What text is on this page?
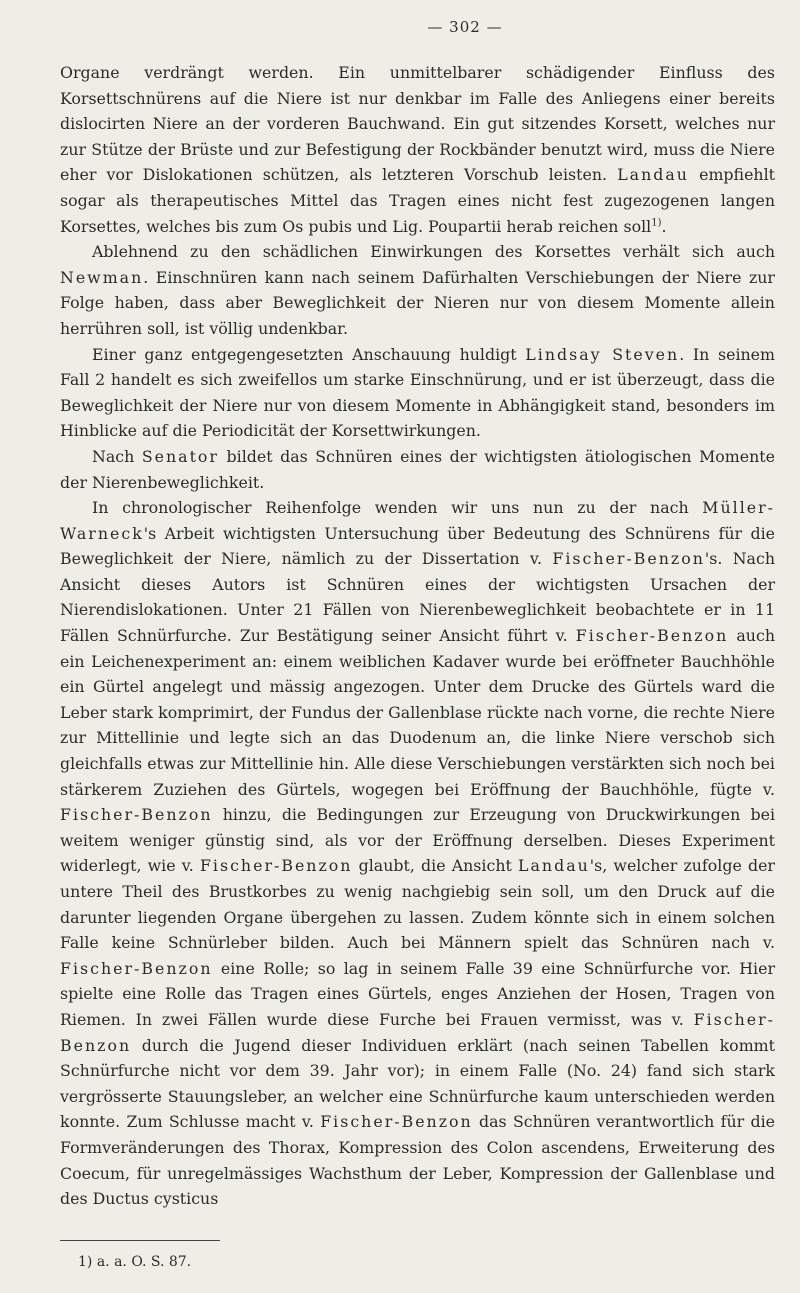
— 302 —

Organe verdrängt werden. Ein unmittelbarer schädigender Einfluss des Korsettschnürens auf die Niere ist nur denkbar im Falle des Anliegens einer bereits dislocirten Niere an der vorderen Bauchwand. Ein gut sitzendes Korsett, welches nur zur Stütze der Brüste und zur Befestigung der Rockbänder benutzt wird, muss die Niere eher vor Dislokationen schützen, als letzteren Vorschub leisten. Landau empfiehlt sogar als therapeutisches Mittel das Tragen eines nicht fest zugezogenen langen Korsettes, welches bis zum Os pubis und Lig. Poupartii herab reichen soll$^{1)}$.

Ablehnend zu den schädlichen Einwirkungen des Korsettes verhält sich auch Newman. Einschnüren kann nach seinem Dafürhalten Verschiebungen der Niere zur Folge haben, dass aber Beweglichkeit der Nieren nur von diesem Momente allein herrühren soll, ist völlig undenkbar.

Einer ganz entgegengesetzten Anschauung huldigt Lindsay Steven. In seinem Fall 2 handelt es sich zweifellos um starke Einschnürung, und er ist überzeugt, dass die Beweglichkeit der Niere nur von diesem Momente in Abhängigkeit stand, besonders im Hinblicke auf die Periodicität der Korsettwirkungen.

Nach Senator bildet das Schnüren eines der wichtigsten ätiologischen Momente der Nierenbeweglichkeit.

In chronologischer Reihenfolge wenden wir uns nun zu der nach Müller-Warneck's Arbeit wichtigsten Untersuchung über Bedeutung des Schnürens für die Beweglichkeit der Niere, nämlich zu der Dissertation v. Fischer-Benzon's. Nach Ansicht dieses Autors ist Schnüren eines der wichtigsten Ursachen der Nierendislokationen. Unter 21 Fällen von Nierenbeweglichkeit beobachtete er in 11 Fällen Schnürfurche. Zur Bestätigung seiner Ansicht führt v. Fischer-Benzon auch ein Leichenexperiment an: einem weiblichen Kadaver wurde bei eröffneter Bauchhöhle ein Gürtel angelegt und mässig angezogen. Unter dem Drucke des Gürtels ward die Leber stark komprimirt, der Fundus der Gallenblase rückte nach vorne, die rechte Niere zur Mittellinie und legte sich an das Duodenum an, die linke Niere verschob sich gleichfalls etwas zur Mittellinie hin. Alle diese Verschiebungen verstärkten sich noch bei stärkerem Zuziehen des Gürtels, wogegen bei Eröffnung der Bauchhöhle, fügte v. Fischer-Benzon hinzu, die Bedingungen zur Erzeugung von Druckwirkungen bei weitem weniger günstig sind, als vor der Eröffnung derselben. Dieses Experiment widerlegt, wie v. Fischer-Benzon glaubt, die Ansicht Landau's, welcher zufolge der untere Theil des Brustkorbes zu wenig nachgiebig sein soll, um den Druck auf die darunter liegenden Organe übergehen zu lassen. Zudem könnte sich in einem solchen Falle keine Schnürleber bilden. Auch bei Männern spielt das Schnüren nach v. Fischer-Benzon eine Rolle; so lag in seinem Falle 39 eine Schnürfurche vor. Hier spielte eine Rolle das Tragen eines Gürtels, enges Anziehen der Hosen, Tragen von Riemen. In zwei Fällen wurde diese Furche bei Frauen vermisst, was v. Fischer-Benzon durch die Jugend dieser Individuen erklärt (nach seinen Tabellen kommt Schnürfurche nicht vor dem 39. Jahr vor); in einem Falle (No. 24) fand sich stark vergrösserte Stauungsleber, an welcher eine Schnürfurche kaum unterschieden werden konnte. Zum Schlusse macht v. Fischer-Benzon das Schnüren verantwortlich für die Formveränderungen des Thorax, Kompression des Colon ascendens, Erweiterung des Coecum, für unregelmässiges Wachsthum der Leber, Kompression der Gallenblase und des Ductus cysticus

1) a. a. O. S. 87.
